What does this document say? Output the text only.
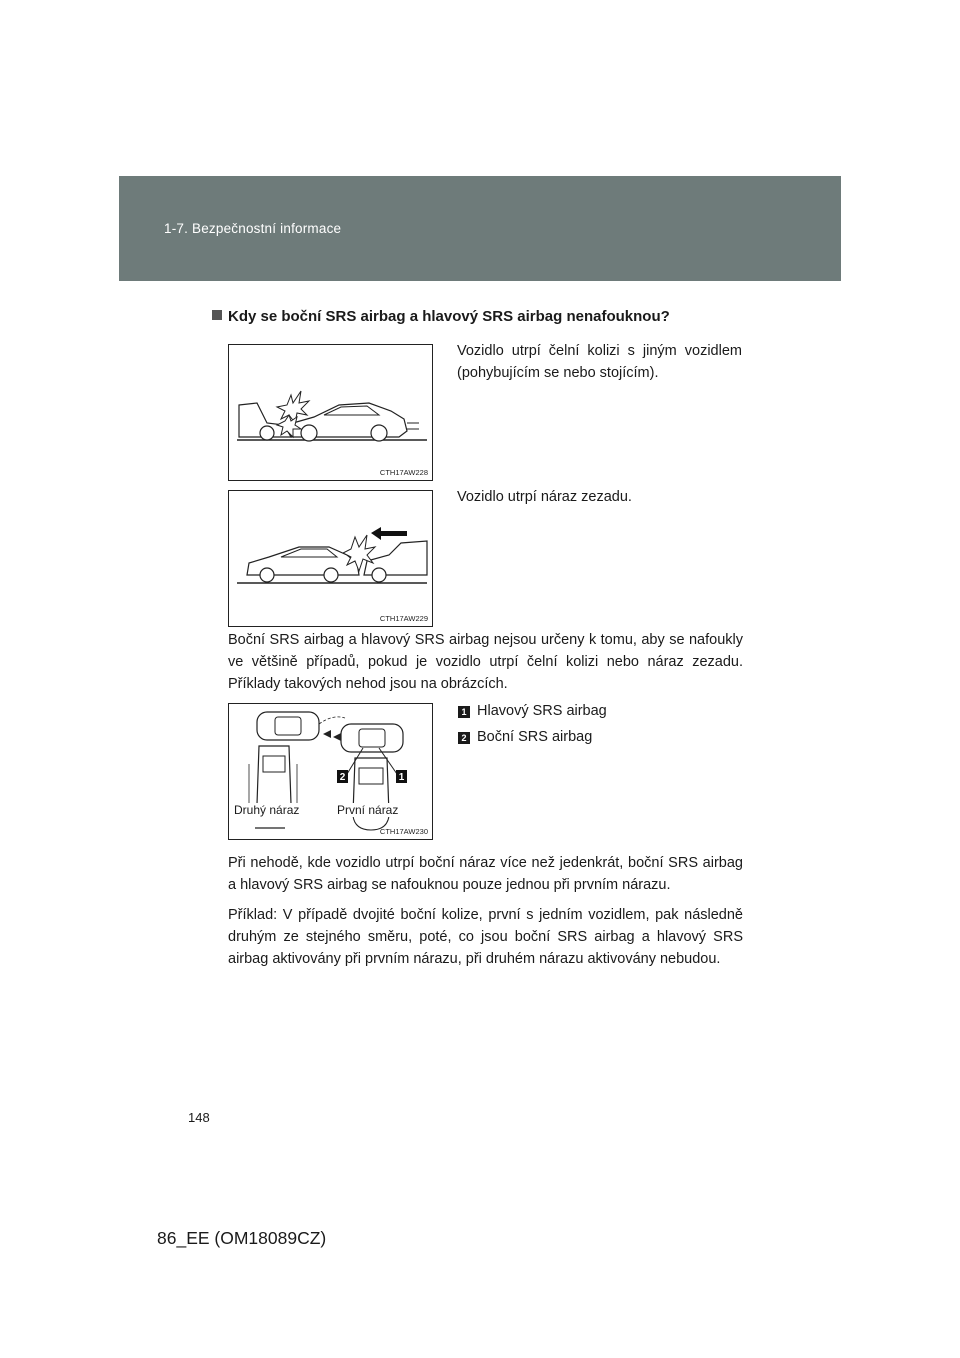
1-7. Bezpečnostní informace
Kdy se boční SRS airbag a hlavový SRS airbag nenafouknou?
CTH17AW228
Vozidlo utrpí čelní kolizi s jiným vozidlem (pohybujícím se nebo stojícím).
CTH17AW229
Vozidlo utrpí náraz zezadu.
Boční SRS airbag a hlavový SRS airbag nejsou určeny k tomu, aby se nafoukly ve většině případů, pokud je vozidlo utrpí čelní kolizi nebo náraz zezadu. Příklady takových nehod jsou na obrázcích.
2	1
Druhý náraz	První náraz
CTH17AW230
1 Hlavový SRS airbag
2 Boční SRS airbag
Při nehodě, kde vozidlo utrpí boční náraz více než jedenkrát, boční SRS airbag a hlavový SRS airbag se nafouknou pouze jednou při prvním nárazu.
Příklad: V případě dvojité boční kolize, první s jedním vozidlem, pak následně druhým ze stejného směru, poté, co jsou boční SRS airbag a hlavový SRS airbag aktivovány při prvním nárazu, při druhém nárazu aktivovány nebudou.
148
86_EE (OM18089CZ)
